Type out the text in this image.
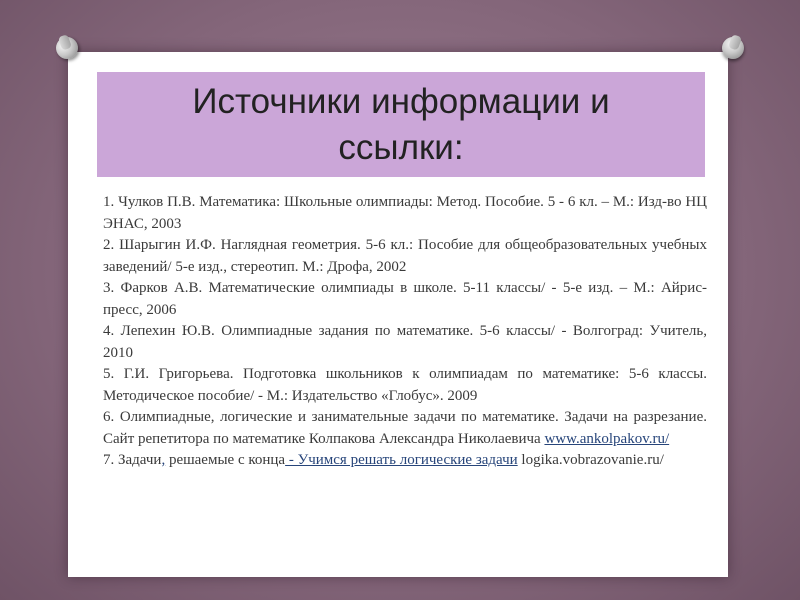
Источники информации и ссылки:

1. Чулков П.В. Математика: Школьные олимпиады: Метод. Пособие. 5 - 6 кл. – М.: Изд-во НЦ ЭНАС, 2003

2. Шарыгин И.Ф. Наглядная геометрия. 5-6 кл.: Пособие для общеобразовательных учебных заведений/ 5-е изд., стереотип. М.: Дрофа, 2002

3. Фарков А.В. Математические олимпиады в школе. 5-11 классы/ - 5-е изд. – М.: Айрис-пресс, 2006

4. Лепехин Ю.В. Олимпиадные задания по математике. 5-6 классы/ - Волгоград: Учитель, 2010

5. Г.И. Григорьева. Подготовка школьников к олимпиадам по математике: 5-6 классы. Методическое пособие/ - М.: Издательство «Глобус». 2009

6. Олимпиадные, логические и занимательные задачи по математике. Задачи на разрезание. Сайт репетитора по математике Колпакова Александра Николаевича www.ankolpakov.ru/

7. Задачи, решаемые с конца - Учимся решать логические задачи logika.vobrazovanie.ru/
